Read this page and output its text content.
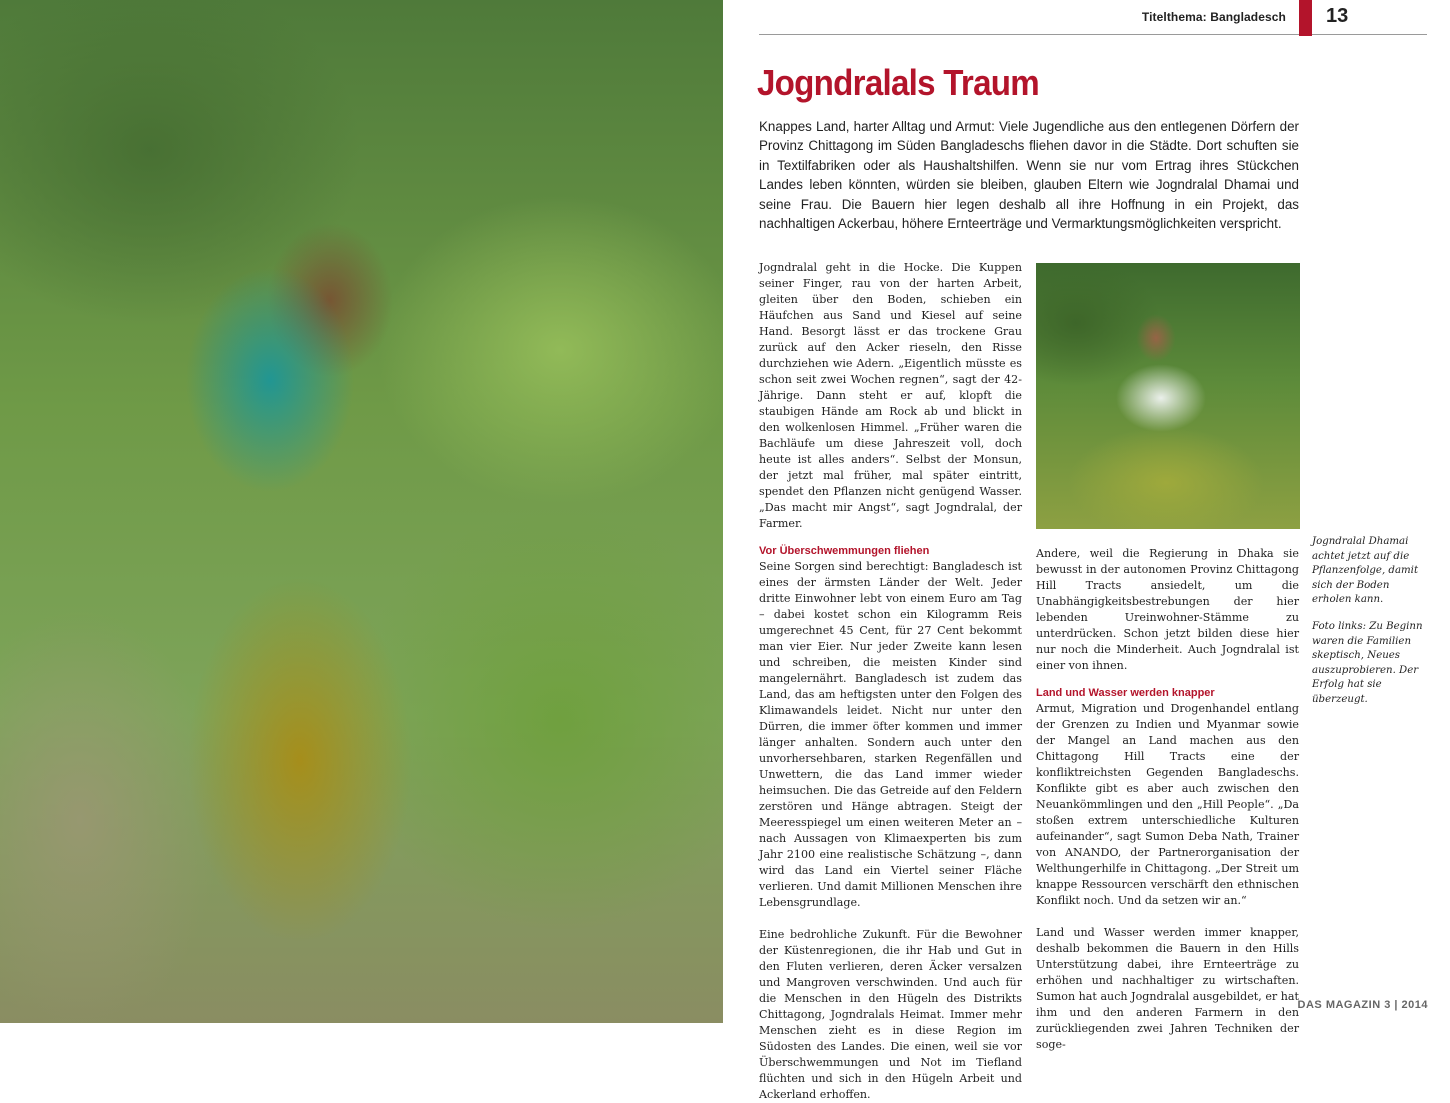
Titelthema: Bangladesch 13
Jogndralals Traum

Knappes Land, harter Alltag und Armut: Viele Jugendliche aus den entlegenen Dörfern der Provinz Chittagong im Süden Bangladeschs fliehen davor in die Städte. Dort schuften sie in Textilfabriken oder als Haushaltshilfen. Wenn sie nur vom Ertrag ihres Stückchen Landes leben könnten, würden sie bleiben, glauben Eltern wie Jogndralal Dhamai und seine Frau. Die Bauern hier legen deshalb all ihre Hoffnung in ein Projekt, das nachhaltigen Ackerbau, höhere Ernteerträge und Vermarktungsmöglichkeiten verspricht.

Jogndralal geht in die Hocke. Die Kuppen seiner Finger, rau von der harten Arbeit, gleiten über den Boden, schieben ein Häufchen aus Sand und Kiesel auf seine Hand. Besorgt lässt er das trockene Grau zurück auf den Acker rieseln, den Risse durchziehen wie Adern. „Eigentlich müsste es schon seit zwei Wochen regnen“, sagt der 42-Jährige. Dann steht er auf, klopft die staubigen Hände am Rock ab und blickt in den wolkenlosen Himmel. „Früher waren die Bachläufe um diese Jahreszeit voll, doch heute ist alles anders“. Selbst der Monsun, der jetzt mal früher, mal später eintritt, spendet den Pflanzen nicht genügend Wasser. „Das macht mir Angst“, sagt Jogndralal, der Farmer.

Vor Überschwemmungen fliehen

Seine Sorgen sind berechtigt: Bangladesch ist eines der ärmsten Länder der Welt. Jeder dritte Einwohner lebt von einem Euro am Tag – dabei kostet schon ein Kilogramm Reis umgerechnet 45 Cent, für 27 Cent bekommt man vier Eier. Nur jeder Zweite kann lesen und schreiben, die meisten Kinder sind mangelernährt. Bangladesch ist zudem das Land, das am heftigsten unter den Folgen des Klimawandels leidet. Nicht nur unter den Dürren, die immer öfter kommen und immer länger anhalten. Sondern auch unter den unvorhersehbaren, starken Regenfällen und Unwettern, die das Land immer wieder heimsuchen. Die das Getreide auf den Feldern zerstören und Hänge abtragen. Steigt der Meeresspiegel um einen weiteren Meter an – nach Aussagen von Klimaexperten bis zum Jahr 2100 eine realistische Schätzung –, dann wird das Land ein Viertel seiner Fläche verlieren. Und damit Millionen Menschen ihre Lebensgrundlage.

Eine bedrohliche Zukunft. Für die Bewohner der Küstenregionen, die ihr Hab und Gut in den Fluten verlieren, deren Äcker versalzen und Mangroven verschwinden. Und auch für die Menschen in den Hügeln des Distrikts Chittagong, Jogndralals Heimat. Immer mehr Menschen zieht es in diese Region im Südosten des Landes. Die einen, weil sie vor Überschwemmungen und Not im Tiefland flüchten und sich in den Hügeln Arbeit und Ackerland erhoffen.

Andere, weil die Regierung in Dhaka sie bewusst in der autonomen Provinz Chittagong Hill Tracts ansiedelt, um die Unabhängigkeitsbestrebungen der hier lebenden Ureinwohner-Stämme zu unterdrücken. Schon jetzt bilden diese hier nur noch die Minderheit. Auch Jogndralal ist einer von ihnen.

Land und Wasser werden knapper

Armut, Migration und Drogenhandel entlang der Grenzen zu Indien und Myanmar sowie der Mangel an Land machen aus den Chittagong Hill Tracts eine der konfliktreichsten Gegenden Bangladeschs. Konflikte gibt es aber auch zwischen den Neuankömmlingen und den „Hill People“. „Da stoßen extrem unterschiedliche Kulturen aufeinander“, sagt Sumon Deba Nath, Trainer von ANANDO, der Partnerorganisation der Welthungerhilfe in Chittagong. „Der Streit um knappe Ressourcen verschärft den ethnischen Konflikt noch. Und da setzen wir an.“

Land und Wasser werden immer knapper, deshalb bekommen die Bauern in den Hills Unterstützung dabei, ihre Ernteerträge zu erhöhen und nachhaltiger zu wirtschaften. Sumon hat auch Jogndralal ausgebildet, er hat ihm und den anderen Farmern in den zurückliegenden zwei Jahren Techniken der soge-

Jogndralal Dhamai achtet jetzt auf die Pflanzenfolge, damit sich der Boden erholen kann.

Foto links: Zu Beginn waren die Familien skeptisch, Neues auszuprobieren. Der Erfolg hat sie überzeugt.

DAS MAGAZIN 3 | 2014
